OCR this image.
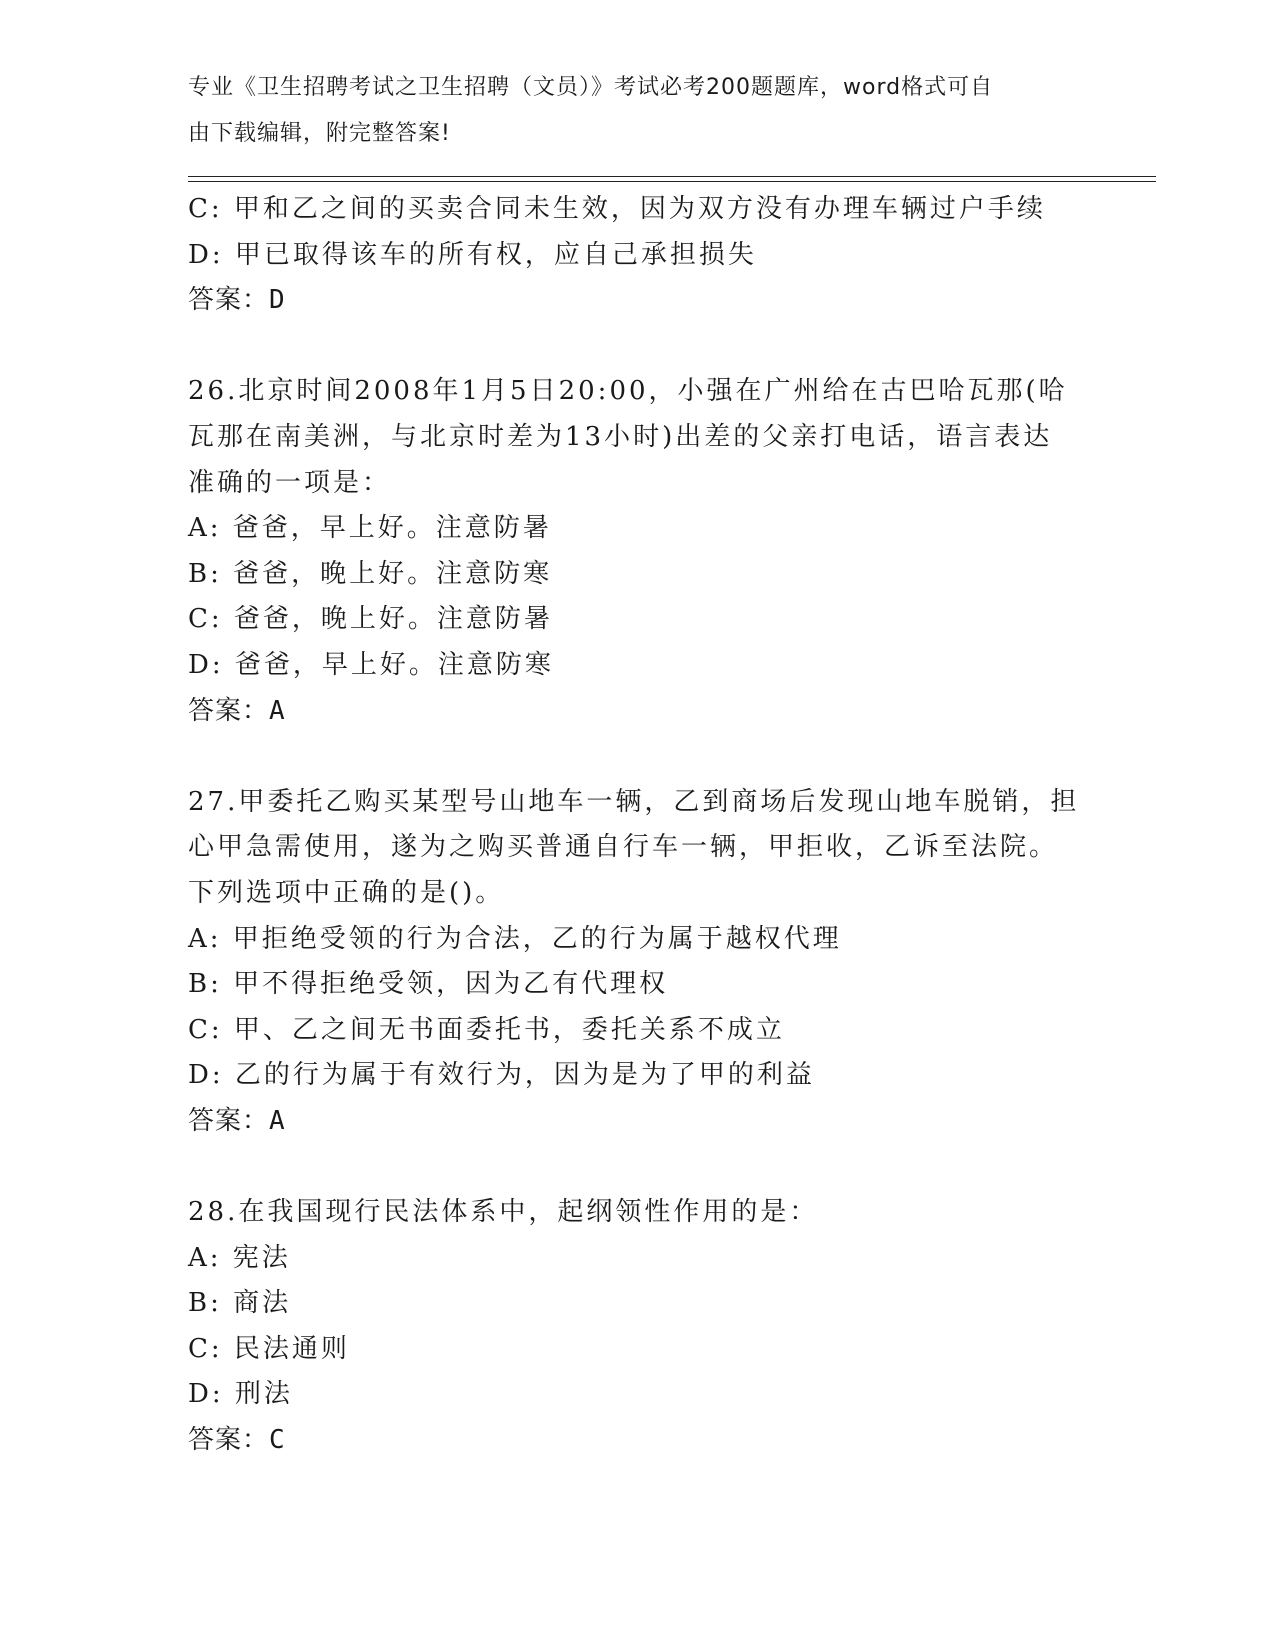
专业《卫生招聘考试之卫生招聘（文员）》考试必考200题题库，word格式可自
由下载编辑，附完整答案!
C: 甲和乙之间的买卖合同未生效，因为双方没有办理车辆过户手续
D: 甲已取得该车的所有权，应自己承担损失
答案：D
26.北京时间2008年1月5日20:00，小强在广州给在古巴哈瓦那(哈
瓦那在南美洲，与北京时差为13小时)出差的父亲打电话，语言表达
准确的一项是：
A: 爸爸，早上好。注意防暑
B: 爸爸，晚上好。注意防寒
C: 爸爸，晚上好。注意防暑
D: 爸爸，早上好。注意防寒
答案：A
27.甲委托乙购买某型号山地车一辆，乙到商场后发现山地车脱销，担
心甲急需使用，遂为之购买普通自行车一辆，甲拒收，乙诉至法院。
下列选项中正确的是()。
A: 甲拒绝受领的行为合法，乙的行为属于越权代理
B: 甲不得拒绝受领，因为乙有代理权
C: 甲、乙之间无书面委托书，委托关系不成立
D: 乙的行为属于有效行为，因为是为了甲的利益
答案：A
28.在我国现行民法体系中，起纲领性作用的是：
A: 宪法
B: 商法
C: 民法通则
D: 刑法
答案：C
